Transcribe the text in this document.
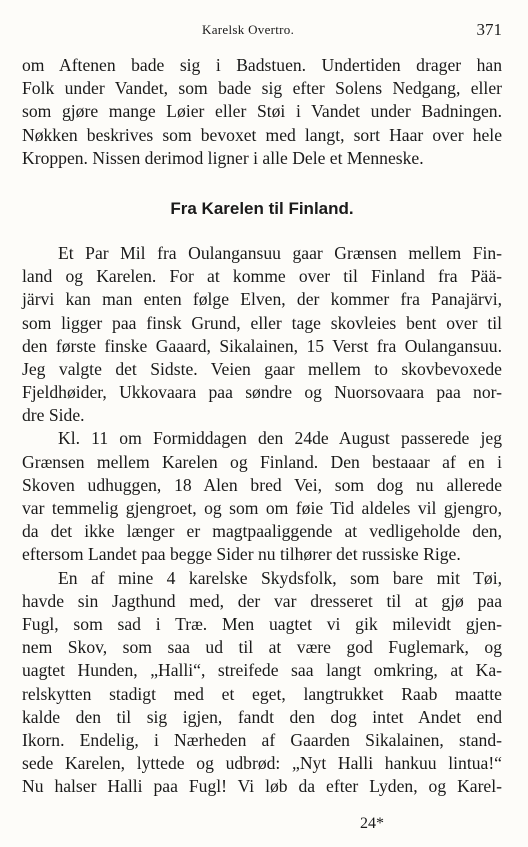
Karelsk Overtro.	371
om Aftenen bade sig i Badstuen. Undertiden drager han
Folk under Vandet, som bade sig efter Solens Nedgang, eller
som gjøre mange Løier eller Støi i Vandet under Badningen.
Nøkken beskrives som bevoxet med langt, sort Haar over hele
Kroppen. Nissen derimod ligner i alle Dele et Menneske.
Fra Karelen til Finland.
Et Par Mil fra Oulangansuu gaar Grænsen mellem Fin-
land og Karelen. For at komme over til Finland fra Pää-
järvi kan man enten følge Elven, der kommer fra Panajärvi,
som ligger paa finsk Grund, eller tage skovleies bent over til
den første finske Gaaard, Sikalainen, 15 Verst fra Oulangansuu.
Jeg valgte det Sidste. Veien gaar mellem to skovbevoxede
Fjeldhøider, Ukkovaara paa søndre og Nuorsovaara paa nor-
dre Side.
Kl. 11 om Formiddagen den 24de August passerede jeg
Grænsen mellem Karelen og Finland. Den bestaaar af en i
Skoven udhuggen, 18 Alen bred Vei, som dog nu allerede
var temmelig gjengroet, og som om føie Tid aldeles vil gjengro,
da det ikke længer er magtpaaliggende at vedligeholde den,
eftersom Landet paa begge Sider nu tilhører det russiske Rige.
En af mine 4 karelske Skydsfolk, som bare mit Tøi,
havde sin Jagthund med, der var dresseret til at gjø paa
Fugl, som sad i Træ. Men uagtet vi gik milevidt gjen-
nem Skov, som saa ud til at være god Fuglemark, og
uagtet Hunden, „Halli“, streifede saa langt omkring, at Ka-
relskytten stadigt med et eget, langtrukket Raab maatte
kalde den til sig igjen, fandt den dog intet Andet end
Ikorn. Endelig, i Nærheden af Gaarden Sikalainen, stand-
sede Karelen, lyttede og udbrød: „Nyt Halli hankuu lintua!“
Nu halser Halli paa Fugl! Vi løb da efter Lyden, og Karel-
24*
